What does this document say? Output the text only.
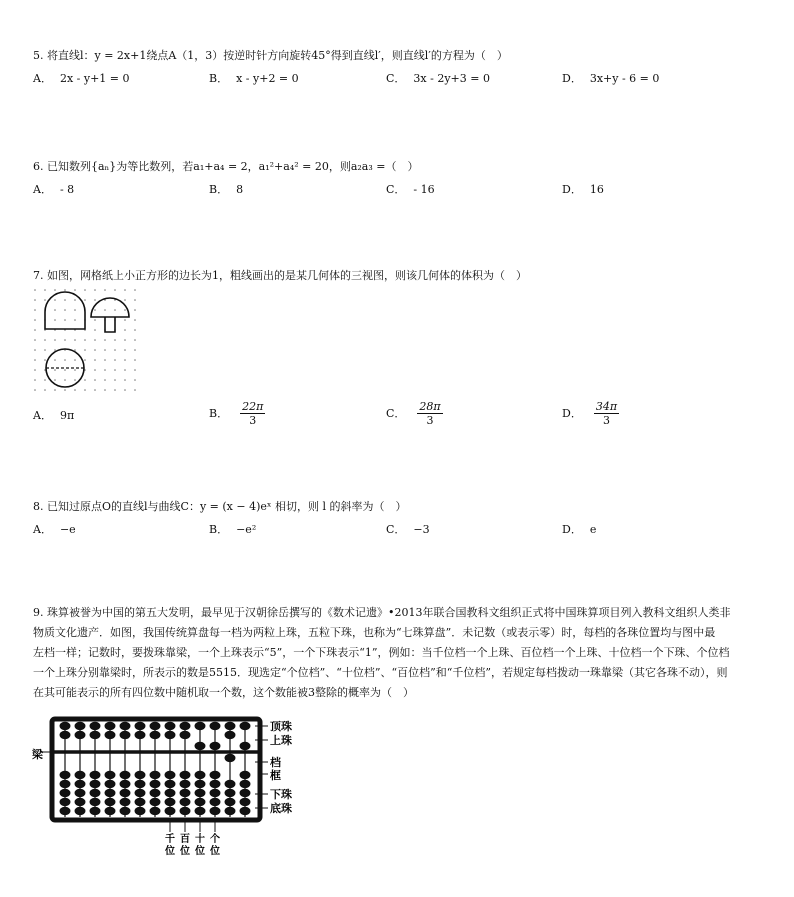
5. 将直线l：y = 2x+1绕点A（1，3）按逆时针方向旋转45°得到直线l′，则直线l′的方程为（　）
A． 2x - y+1 = 0	B． x - y+2 = 0	C． 3x - 2y+3 = 0	D． 3x+y - 6 = 0
6. 已知数列{aₙ}为等比数列，若a₁+a₄ = 2，a₁²+a₄² = 20，则a₂a₃ =（　）
A． - 8	B． 8	C． - 16	D． 16
7. 如图，网格纸上小正方形的边长为1，粗线画出的是某几何体的三视图，则该几何体的体积为（　）
A． 9π	B． $\frac{22\pi}{3}$	C． $\frac{28\pi}{3}$	D． $\frac{34\pi}{3}$
8. 已知过原点O的直线l与曲线C：y = (x − 4)eˣ 相切，则 l 的斜率为（　）
A． −e	B． −e²	C． −3	D． e
9. 珠算被誉为中国的第五大发明，最早见于汉朝徐岳撰写的《数术记遗》•2013年联合国教科文组织正式将中国珠算项目列入教科文组织人类非
物质文化遗产．如图，我国传统算盘每一档为两粒上珠，五粒下珠，也称为“七珠算盘”．未记数（或表示零）时，每档的各珠位置均与图中最
左档一样；记数时，要拨珠靠梁，一个上珠表示“5”，一个下珠表示“1”，例如：当千位档一个上珠、百位档一个上珠、十位档一个下珠、个位档
一个上珠分别靠梁时，所表示的数是5515．现选定“个位档”、“十位档”、“百位档”和“千位档”，若规定每档拨动一珠靠梁（其它各珠不动），则
在其可能表示的所有四位数中随机取一个数，这个数能被3整除的概率为（　）
梁
顶珠
上珠
档
框
下珠
底珠
千位
百位
十位
个位
